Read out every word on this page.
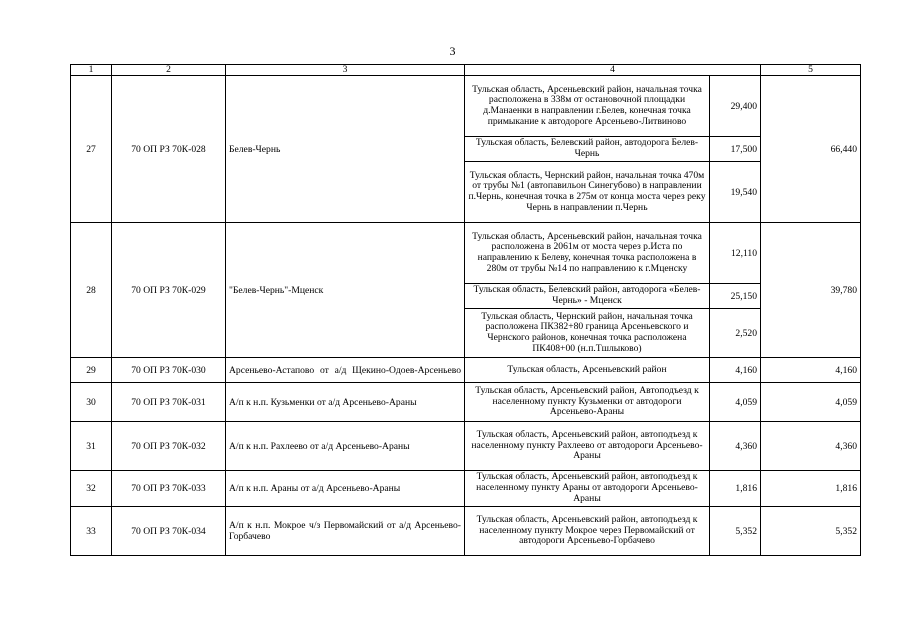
3
1	2	3	4		5
27	70 ОП РЗ 70К-028	Белев-Чернь	Тульская область, Арсеньевский район, начальная точка расположена в 338м от остановочной площадки д.Манаенки в направлении г.Белев, конечная точка примыкание к автодороге Арсеньево-Литвиново	29,400	66,440
			Тульская область, Белевский район, автодорога Белев-Чернь	17,500	
			Тульская область, Чернский район, начальная точка 470м от трубы №1 (автопавильон Синегубово) в направлении п.Чернь, конечная точка в 275м от конца моста через реку Чернь в направлении п.Чернь	19,540	
28	70 ОП РЗ 70К-029	"Белев-Чернь"-Мценск	Тульская область, Арсеньевский район, начальная точка расположена в 2061м от моста через р.Иста по направлению к Белеву, конечная точка расположена в 280м от трубы №14 по направлению к г.Мценску	12,110	39,780
			Тульская область, Белевский район, автодорога «Белев-Чернь» - Мценск	25,150	
			Тульская область, Чернский район, начальная точка расположена ПК382+80 граница Арсеньевского и Чернского районов, конечная точка расположена ПК408+00 (н.п.Тшлыково)	2,520	
29	70 ОП РЗ 70К-030	Арсеньево-Астапово от а/д Щекино-Одоев-Арсеньево	Тульская область, Арсеньевский район	4,160	4,160
30	70 ОП РЗ 70К-031	А/п к н.п. Кузьменки от а/д Арсеньево-Араны	Тульская область, Арсеньевский район, Автоподъезд к населенному пункту Кузьменки от автодороги Арсеньево-Араны	4,059	4,059
31	70 ОП РЗ 70К-032	А/п к н.п. Рахлеево от а/д Арсеньево-Араны	Тульская область, Арсеньевский район, автоподъезд к населенному пункту Рахлеево от автодороги Арсеньево-Араны	4,360	4,360
32	70 ОП РЗ 70К-033	А/п к н.п. Араны от а/д Арсеньево-Араны	Тульская область, Арсеньевский район, автоподъезд к населенному пункту Араны от автодороги Арсеньево-Араны	1,816	1,816
33	70 ОП РЗ 70К-034	А/п к н.п. Мокрое ч/з Первомайский от а/д Арсеньево-Горбачево	Тульская область, Арсеньевский район, автоподъезд к населенному пункту Мокрое через Первомайский от автодороги Арсеньево-Горбачево	5,352	5,352
